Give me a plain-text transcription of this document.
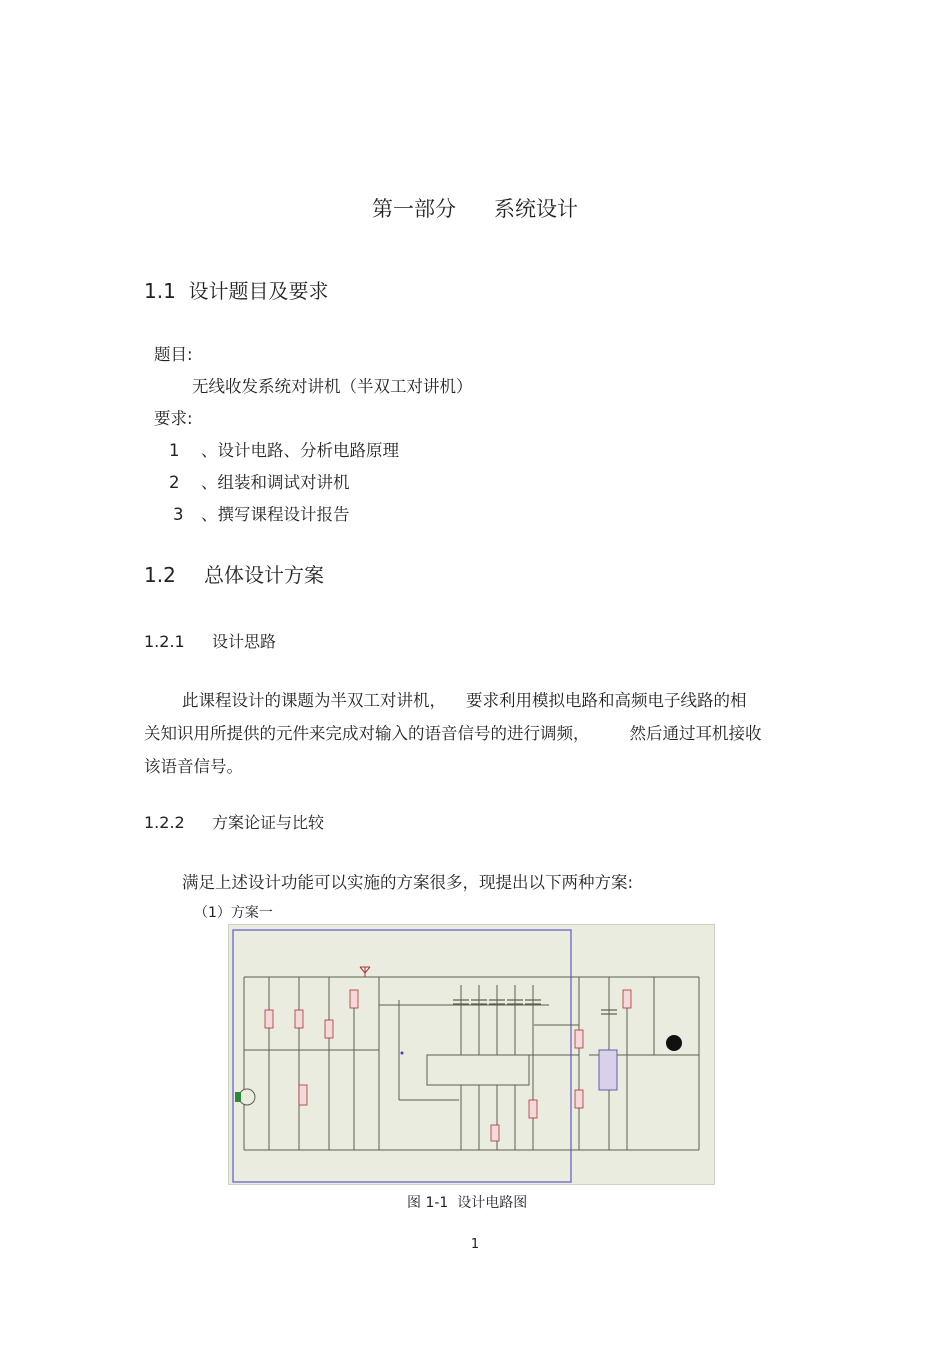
第一部分 系统设计
1.1 设计题目及要求
题目:
无线收发系统对讲机（半双工对讲机）
要求:
1 、设计电路、分析电路原理
2 、组装和调试对讲机
3 、撰写课程设计报告
1.2 总体设计方案
1.2.1 设计思路
此课程设计的课题为半双工对讲机， 要求利用模拟电路和高频电子线路的相
关知识用所提供的元件来完成对输入的语音信号的进行调频， 然后通过耳机接收
该语音信号。
1.2.2 方案论证与比较
满足上述设计功能可以实施的方案很多，现提出以下两种方案:
（1）方案一
图 1-1 设计电路图
1
